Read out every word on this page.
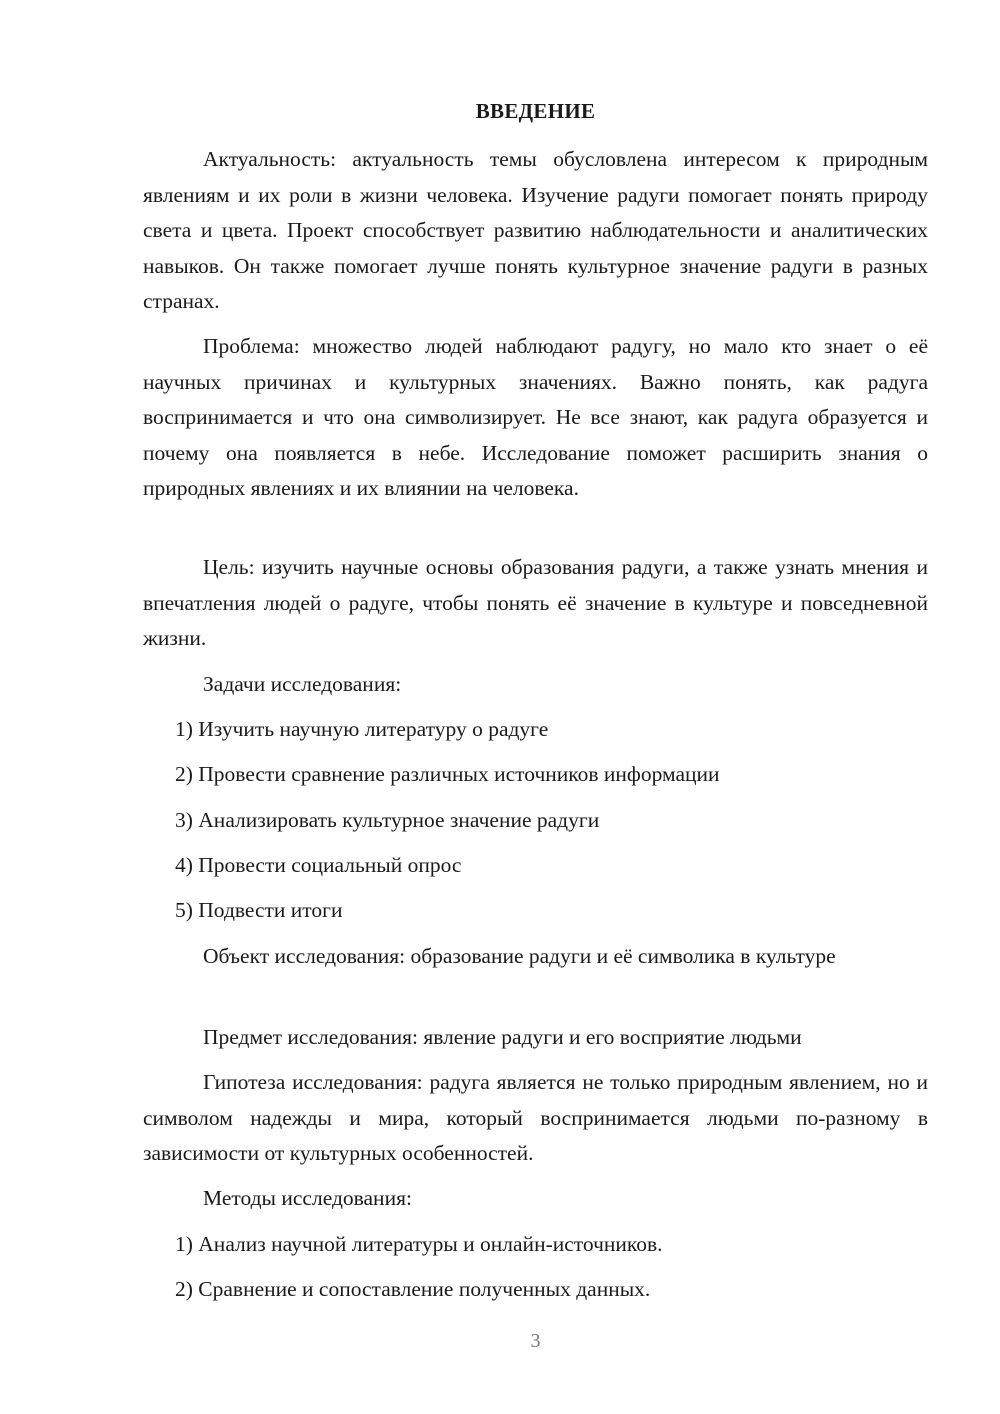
ВВЕДЕНИЕ

Актуальность: актуальность темы обусловлена интересом к природным явлениям и их роли в жизни человека. Изучение радуги помогает понять природу света и цвета. Проект способствует развитию наблюдательности и аналитических навыков. Он также помогает лучше понять культурное значение радуги в разных странах.

Проблема: множество людей наблюдают радугу, но мало кто знает о её научных причинах и культурных значениях. Важно понять, как радуга воспринимается и что она символизирует. Не все знают, как радуга образуется и почему она появляется в небе. Исследование поможет расширить знания о природных явлениях и их влиянии на человека.

Цель: изучить научные основы образования радуги, а также узнать мнения и впечатления людей о радуге, чтобы понять её значение в культуре и повседневной жизни.

Задачи исследования:
1) Изучить научную литературу о радуге
2) Провести сравнение различных источников информации
3) Анализировать культурное значение радуги
4) Провести социальный опрос
5) Подвести итоги

Объект исследования: образование радуги и её символика в культуре

Предмет исследования: явление радуги и его восприятие людьми

Гипотеза исследования: радуга является не только природным явлением, но и символом надежды и мира, который воспринимается людьми по-разному в зависимости от культурных особенностей.

Методы исследования:
1) Анализ научной литературы и онлайн-источников.
2) Сравнение и сопоставление полученных данных.
3
